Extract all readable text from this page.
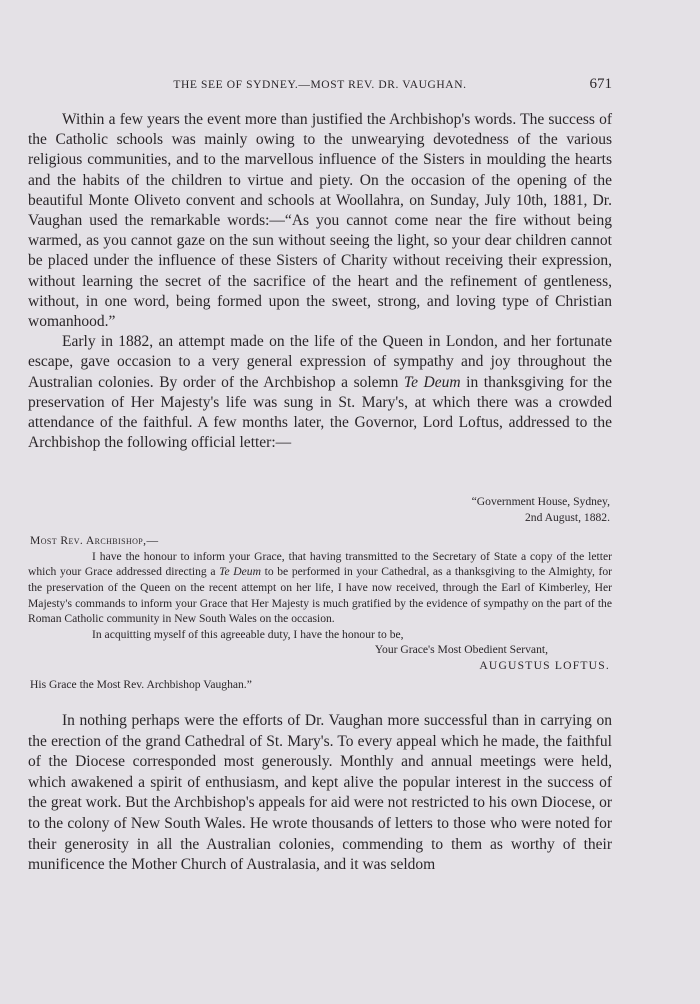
THE SEE OF SYDNEY.—MOST REV. DR. VAUGHAN.	671

Within a few years the event more than justified the Archbishop's words. The success of the Catholic schools was mainly owing to the unwearying devotedness of the various religious communities, and to the marvellous influence of the Sisters in moulding the hearts and the habits of the children to virtue and piety. On the occasion of the opening of the beautiful Monte Oliveto convent and schools at Woollahra, on Sunday, July 10th, 1881, Dr. Vaughan used the remarkable words:—“As you cannot come near the fire without being warmed, as you cannot gaze on the sun without seeing the light, so your dear children cannot be placed under the influence of these Sisters of Charity without receiving their expression, without learning the secret of the sacrifice of the heart and the refinement of gentleness, without, in one word, being formed upon the sweet, strong, and loving type of Christian womanhood.”

Early in 1882, an attempt made on the life of the Queen in London, and her fortunate escape, gave occasion to a very general expression of sympathy and joy throughout the Australian colonies. By order of the Archbishop a solemn Te Deum in thanksgiving for the preservation of Her Majesty's life was sung in St. Mary's, at which there was a crowded attendance of the faithful. A few months later, the Governor, Lord Loftus, addressed to the Archbishop the following official letter:—

“Government House, Sydney,
2nd August, 1882.
Most Rev. Archbishop,—

I have the honour to inform your Grace, that having transmitted to the Secretary of State a copy of the letter which your Grace addressed directing a Te Deum to be performed in your Cathedral, as a thanksgiving to the Almighty, for the preservation of the Queen on the recent attempt on her life, I have now received, through the Earl of Kimberley, Her Majesty's commands to inform your Grace that Her Majesty is much gratified by the evidence of sympathy on the part of the Roman Catholic community in New South Wales on the occasion.

In acquitting myself of this agreeable duty, I have the honour to be,

Your Grace's Most Obedient Servant,
AUGUSTUS LOFTUS.
His Grace the Most Rev. Archbishop Vaughan.”

In nothing perhaps were the efforts of Dr. Vaughan more successful than in carrying on the erection of the grand Cathedral of St. Mary's. To every appeal which he made, the faithful of the Diocese corresponded most generously. Monthly and annual meetings were held, which awakened a spirit of enthusiasm, and kept alive the popular interest in the success of the great work. But the Archbishop's appeals for aid were not restricted to his own Diocese, or to the colony of New South Wales. He wrote thousands of letters to those who were noted for their generosity in all the Australian colonies, commending to them as worthy of their munificence the Mother Church of Australasia, and it was seldom
